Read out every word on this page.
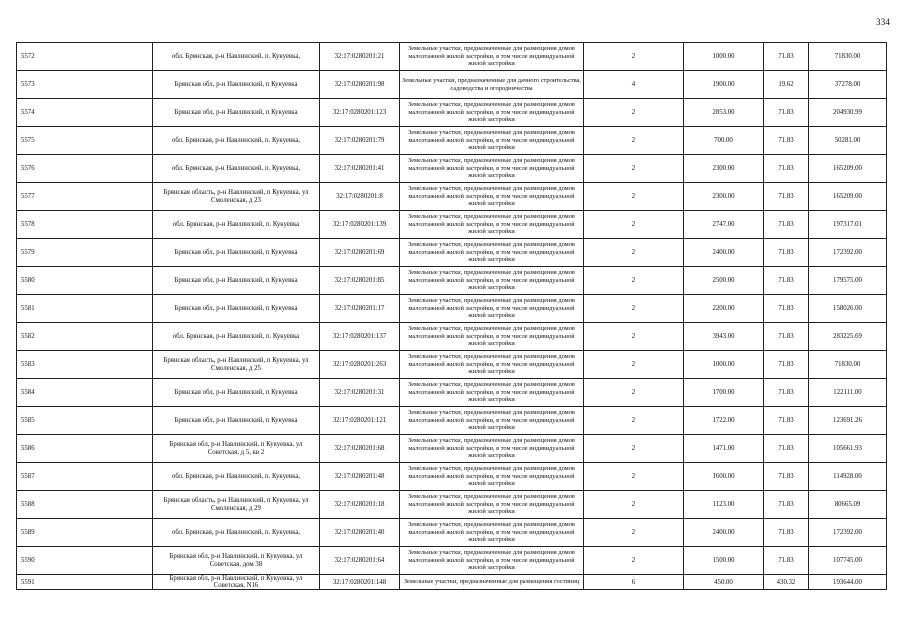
334
5572	обл. Брянская, р-н Навлинский, п. Кукуевка,	32:17:0280201:21	Земельные участки, предназначенные для размещения домов малоэтажной жилой застройки, в том числе индивидуальной жилой застройки	2	1000.00	71.83	71830.00
5573	Брянская обл, р-н Навлинский, п Кукуевка	32:17:0280201:98	Земельные участки, предназначенные для дачного строительства, садоводства и огородничества	4	1900.00	19.62	37278.00
5574	Брянская обл, р-н Навлинский, п Кукуевка	32:17:0280201:123	Земельные участки, предназначенные для размещения домов малоэтажной жилой застройки, в том числе индивидуальной жилой застройки	2	2853.00	71.83	204930.99
5575	обл. Брянская, р-н Навлинский, п. Кукуевка,	32:17:0280201:79	Земельные участки, предназначенные для размещения домов малоэтажной жилой застройки, в том числе индивидуальной жилой застройки	2	700.00	71.83	50281.00
5576	обл. Брянская, р-н Навлинский, п. Кукуевка,	32:17:0280201:41	Земельные участки, предназначенные для размещения домов малоэтажной жилой застройки, в том числе индивидуальной жилой застройки	2	2300.00	71.83	165209.00
5577	Брянская область, р-н Навлинский, п Кукуевка, ул Смоленская, д 23	32:17:0280201:8	Земельные участки, предназначенные для размещения домов малоэтажной жилой застройки, в том числе индивидуальной жилой застройки	2	2300.00	71.83	165209.00
5578	обл. Брянская, р-н Навлинский, п. Кукуевка	32:17:0280201:139	Земельные участки, предназначенные для размещения домов малоэтажной жилой застройки, в том числе индивидуальной жилой застройки	2	2747.00	71.83	197317.01
5579	Брянская обл, р-н Навлинский, п Кукуевка	32:17:0280201:69	Земельные участки, предназначенные для размещения домов малоэтажной жилой застройки, в том числе индивидуальной жилой застройки	2	2400.00	71.83	172392.00
5580	Брянская обл, р-н Навлинский, п Кукуевка	32:17:0280201:85	Земельные участки, предназначенные для размещения домов малоэтажной жилой застройки, в том числе индивидуальной жилой застройки	2	2500.00	71.83	179575.00
5581	Брянская обл, р-н Навлинский, п Кукуевка	32:17:0280201:17	Земельные участки, предназначенные для размещения домов малоэтажной жилой застройки, в том числе индивидуальной жилой застройки	2	2200.00	71.83	158026.00
5582	обл. Брянская, р-н Навлинский, п. Кукуевка	32:17:0280201:137	Земельные участки, предназначенные для размещения домов малоэтажной жилой застройки, в том числе индивидуальной жилой застройки	2	3943.00	71.83	283225.69
5583	Брянская область, р-н Навлинский, п Кукуевка, ул Смоленская, д 25	32:17:0280201:263	Земельные участки, предназначенные для размещения домов малоэтажной жилой застройки, в том числе индивидуальной жилой застройки	2	1000.00	71.83	71830.00
5584	Брянская обл, р-н Навлинский, п Кукуевка	32:17:0280201:31	Земельные участки, предназначенные для размещения домов малоэтажной жилой застройки, в том числе индивидуальной жилой застройки	2	1700.00	71.83	122111.00
5585	Брянская обл, р-н Навлинский, п Кукуевка	32:17:0280201:121	Земельные участки, предназначенные для размещения домов малоэтажной жилой застройки, в том числе индивидуальной жилой застройки	2	1722.00	71.83	123691.26
5586	Брянская обл, р-н Навлинский, п Кукуевка, ул Советская, д 5, кв 2	32:17:0280201:68	Земельные участки, предназначенные для размещения домов малоэтажной жилой застройки, в том числе индивидуальной жилой застройки	2	1471.00	71.83	105661.93
5587	обл. Брянская, р-н Навлинский, п. Кукуевка,	32:17:0280201:48	Земельные участки, предназначенные для размещения домов малоэтажной жилой застройки, в том числе индивидуальной жилой застройки	2	1600.00	71.83	114928.00
5588	Брянская область, р-н Навлинский, п Кукуевка, ул Смоленская, д 29	32:17:0280201:18	Земельные участки, предназначенные для размещения домов малоэтажной жилой застройки, в том числе индивидуальной жилой застройки	2	1123.00	71.83	80665.09
5589	обл. Брянская, р-н Навлинский, п. Кукуевка,	32:17:0280201:40	Земельные участки, предназначенные для размещения домов малоэтажной жилой застройки, в том числе индивидуальной жилой застройки	2	2400.00	71.83	172392.00
5590	Брянская обл, р-н Навлинский, п Кукуевка, ул Советская, дом 38	32:17:0280201:64	Земельные участки, предназначенные для размещения домов малоэтажной жилой застройки, в том числе индивидуальной жилой застройки	2	1500.00	71.83	107745.00
5591	Брянская обл, р-н Навлинский, п Кукуевка, ул Советская, N16	32:17:0280201:148	Земельные участки, предназначенные для размещения гостиниц	6	450.00	430.32	193644.00
